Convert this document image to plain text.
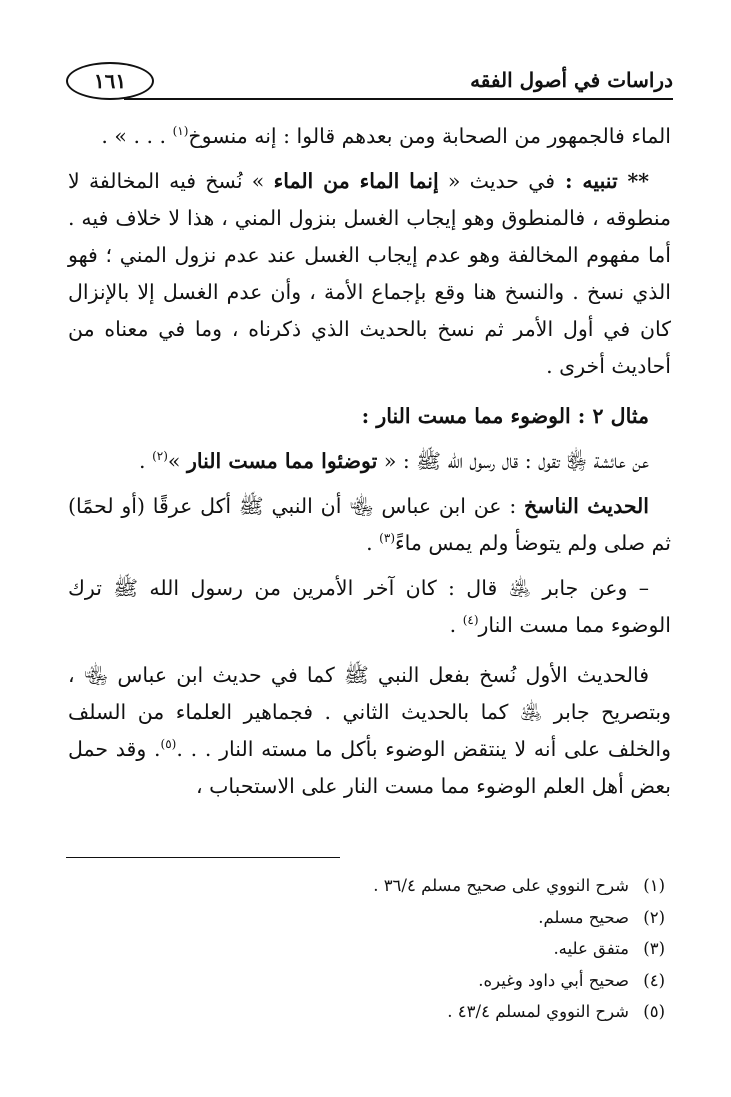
دراسات في أصول الفقه
١٦١

الماء فالجمهور من الصحابة ومن بعدهم قالوا : إنه منسوخ$^{(١)}$ . . . » .

** تنبيه : في حديث « إنما الماء من الماء » نُسخ فيه المخالفة لا منطوقه ، فالمنطوق وهو إيجاب الغسل بنزول المني ، هذا لا خلاف فيه . أما مفهوم المخالفة وهو عدم إيجاب الغسل عند عدم نزول المني ؛ فهو الذي نسخ . والنسخ هنا وقع بإجماع الأمة ، وأن عدم الغسل إلا بالإنزال كان في أول الأمر ثم نسخ بالحديث الذي ذكرناه ، وما في معناه من أحاديث أخرى .

مثال ٢ : الوضوء مما مست النار :

عن عائشة ﵂ تقول : قال رسول الله ﷺ : « توضئوا مما مست النار »$^{(٢)}$ .

الحديث الناسخ : عن ابن عباس ﵄ أن النبي ﷺ أكل عرقًا (أو لحمًا) ثم صلى ولم يتوضأ ولم يمس ماءً$^{(٣)}$ .

– وعن جابر ﵁ قال : كان آخر الأمرين من رسول الله ﷺ ترك الوضوء مما مست النار$^{(٤)}$ .

فالحديث الأول نُسخ بفعل النبي ﷺ كما في حديث ابن عباس ﵄ ، وبتصريح جابر ﵁ كما بالحديث الثاني . فجماهير العلماء من السلف والخلف على أنه لا ينتقض الوضوء بأكل ما مسته النار . . .$^{(٥)}$. وقد حمل بعض أهل العلم الوضوء مما مست النار على الاستحباب ،

(١)
شرح النووي على صحيح مسلم ٣٦/٤ .
(٢)
صحيح مسلم.
(٣)
متفق عليه.
(٤)
صحيح أبي داود وغيره.
(٥)
شرح النووي لمسلم ٤٣/٤ .
